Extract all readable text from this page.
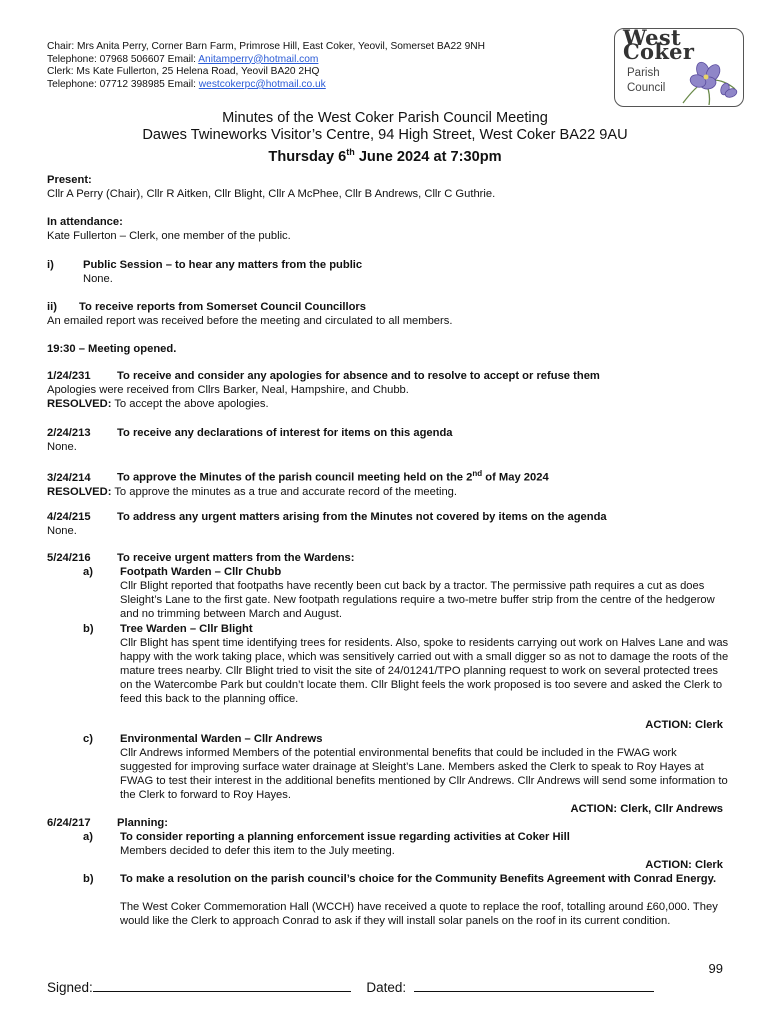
Chair: Mrs Anita Perry, Corner Barn Farm, Primrose Hill, East Coker, Yeovil, Somerset BA22 9NH
Telephone: 07968 506607 Email: Anitamperry@hotmail.com
Clerk: Ms Kate Fullerton, 25 Helena Road, Yeovil BA20 2HQ
Telephone: 07712 398985 Email: westcokerpc@hotmail.co.uk
West Coker
Parish
Council
Minutes of the West Coker Parish Council Meeting
Dawes Twineworks Visitor’s Centre, 94 High Street, West Coker BA22 9AU
Thursday 6th June 2024 at 7:30pm
Present:
Cllr A Perry (Chair), Cllr R Aitken, Cllr Blight, Cllr A McPhee, Cllr B Andrews, Cllr C Guthrie.
In attendance:
Kate Fullerton – Clerk, one member of the public.
i)	Public Session – to hear any matters from the public
None.
ii) To receive reports from Somerset Council Councillors
An emailed report was received before the meeting and circulated to all members.
19:30 – Meeting opened.
1/24/231 To receive and consider any apologies for absence and to resolve to accept or refuse them
Apologies were received from Cllrs Barker, Neal, Hampshire, and Chubb.
RESOLVED: To accept the above apologies.
2/24/213 To receive any declarations of interest for items on this agenda
None.
3/24/214 To approve the Minutes of the parish council meeting held on the 2nd of May 2024
RESOLVED: To approve the minutes as a true and accurate record of the meeting.
4/24/215 To address any urgent matters arising from the Minutes not covered by items on the agenda
None.
5/24/216 To receive urgent matters from the Wardens:
a) Footpath Warden – Cllr Chubb
Cllr Blight reported that footpaths have recently been cut back by a tractor. The permissive path requires a cut as does Sleight’s Lane to the first gate. New footpath regulations require a two-metre buffer strip from the centre of the hedgerow and no trimming between March and August.
b) Tree Warden – Cllr Blight
Cllr Blight has spent time identifying trees for residents. Also, spoke to residents carrying out work on Halves Lane and was happy with the work taking place, which was sensitively carried out with a small digger so as not to damage the roots of the mature trees nearby. Cllr Blight tried to visit the site of 24/01241/TPO planning request to work on several protected trees on the Watercombe Park but couldn’t locate them. Cllr Blight feels the work proposed is too severe and asked the Clerk to feed this back to the planning office.
ACTION: Clerk
c) Environmental Warden – Cllr Andrews
Cllr Andrews informed Members of the potential environmental benefits that could be included in the FWAG work suggested for improving surface water drainage at Sleight’s Lane. Members asked the Clerk to speak to Roy Hayes at FWAG to test their interest in the additional benefits mentioned by Cllr Andrews. Cllr Andrews will send some information to the Clerk to forward to Roy Hayes.
ACTION: Clerk, Cllr Andrews
6/24/217 Planning:
a) To consider reporting a planning enforcement issue regarding activities at Coker Hill
Members decided to defer this item to the July meeting.
ACTION: Clerk
b) To make a resolution on the parish council’s choice for the Community Benefits Agreement with Conrad Energy.
The West Coker Commemoration Hall (WCCH) have received a quote to replace the roof, totalling around £60,000. They would like the Clerk to approach Conrad to ask if they will install solar panels on the roof in its current condition.
99
Signed:	Dated:
